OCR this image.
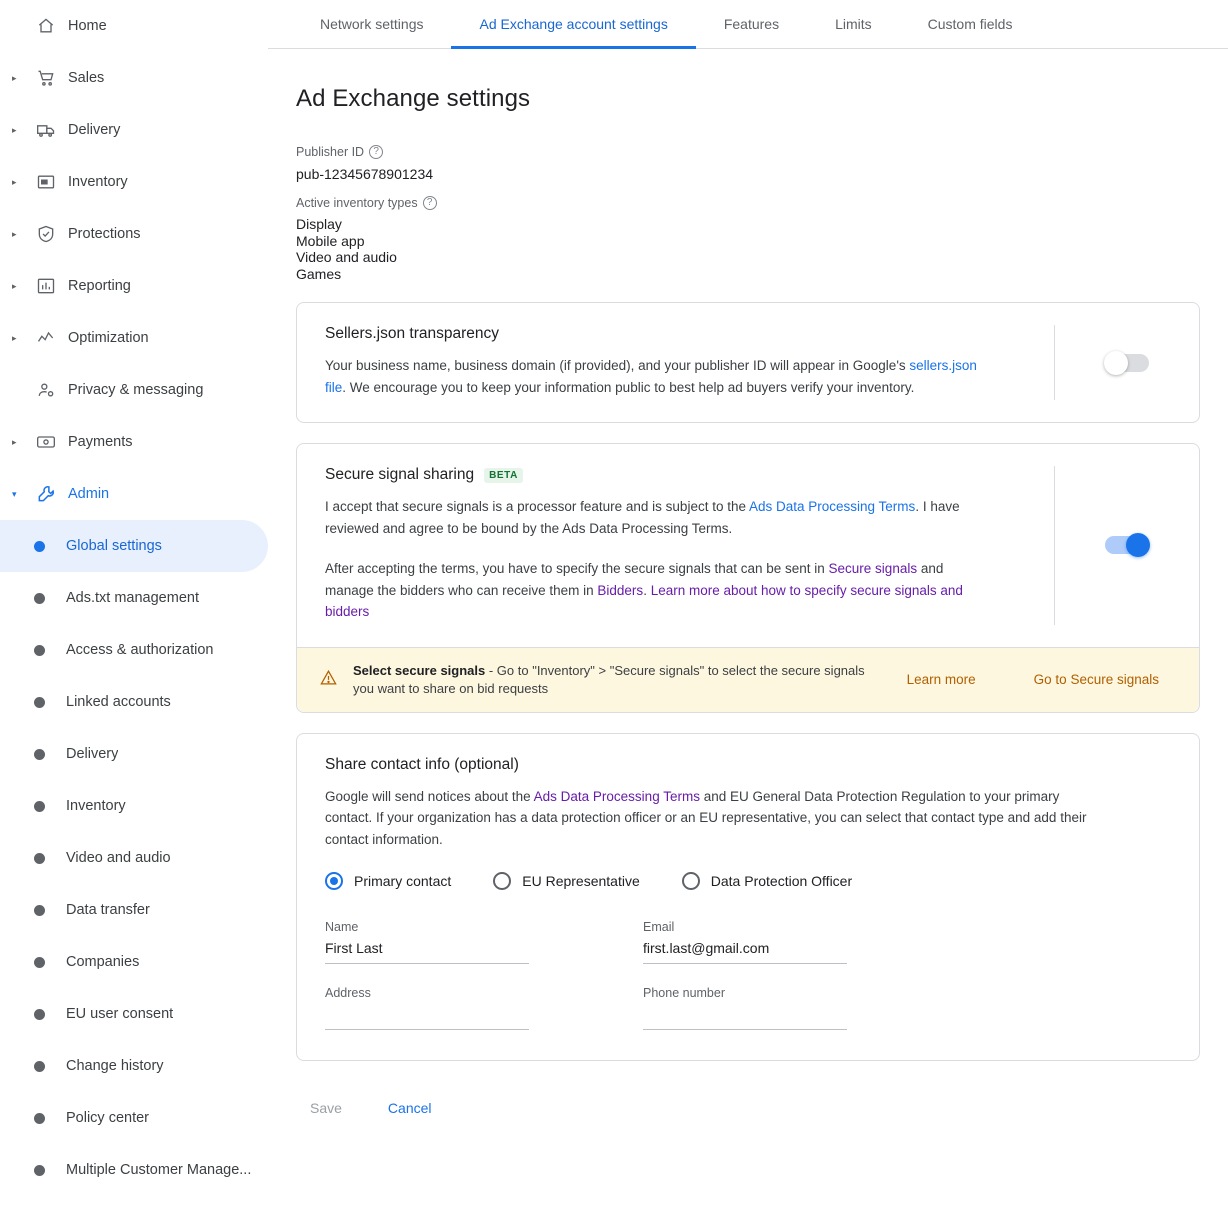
Home
▸	Sales
▸	Delivery
▸	Inventory
▸	Protections
▸	Reporting
▸	Optimization
Privacy & messaging
▸	Payments
▾	Admin
Global settings
Ads.txt management
Access & authorization
Linked accounts
Delivery
Inventory
Video and audio
Data transfer
Companies
EU user consent
Change history
Policy center
Multiple Customer Manage...
Network settings	Ad Exchange account settings	Features	Limits	Custom fields
Ad Exchange settings
Publisher ID ?
pub-12345678901234
Active inventory types ?
Display
Mobile app
Video and audio
Games
Sellers.json transparency
Your business name, business domain (if provided), and your publisher ID will appear in Google's sellers.json file. We encourage you to keep your information public to best help ad buyers verify your inventory.
Secure signal sharing	BETA
I accept that secure signals is a processor feature and is subject to the Ads Data Processing Terms. I have reviewed and agree to be bound by the Ads Data Processing Terms.
After accepting the terms, you have to specify the secure signals that can be sent in Secure signals and manage the bidders who can receive them in Bidders. Learn more about how to specify secure signals and bidders
Select secure signals - Go to "Inventory" > "Secure signals" to select the secure signals you want to share on bid requests
Learn more	Go to Secure signals
Share contact info (optional)
Google will send notices about the Ads Data Processing Terms and EU General Data Protection Regulation to your primary contact. If your organization has a data protection officer or an EU representative, you can select that contact type and add their contact information.
Primary contact	EU Representative	Data Protection Officer
Name
First Last
Email
first.last@gmail.com
Address	Phone number
Save	Cancel
